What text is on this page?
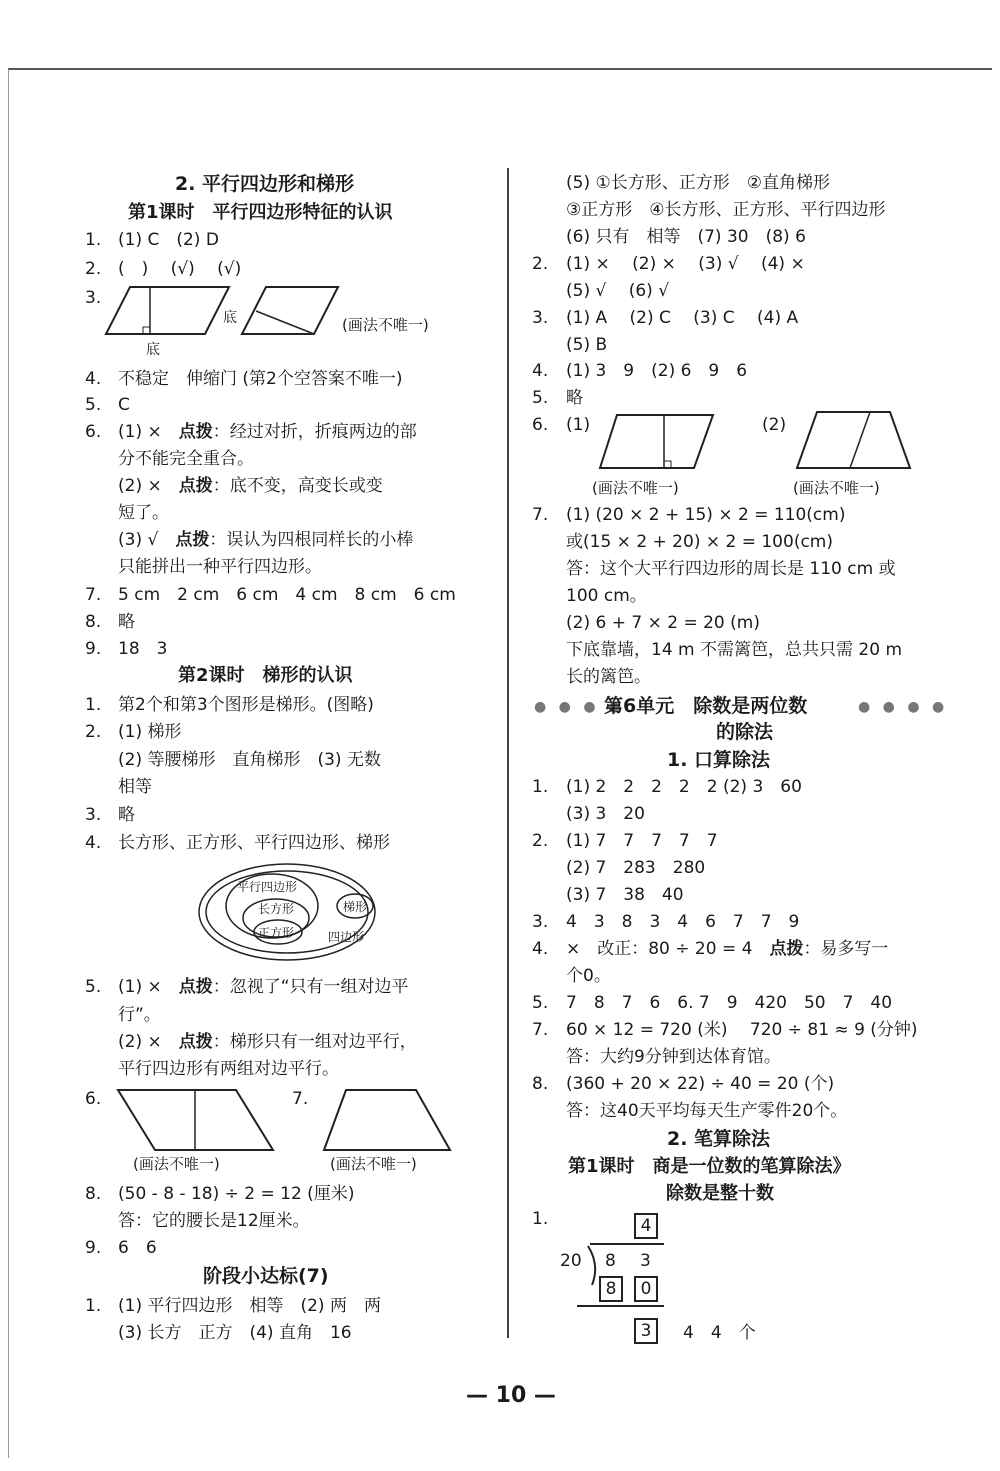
2. 平行四边形和梯形
第1课时　平行四边形特征的认识
1. (1) C　(2) D
2. (　)　 (√)　 (√)
3.
底
底
(画法不唯一)
4. 不稳定　伸缩门 (第2个空答案不唯一)
5. C
6. (1) ×　 点拨：经过对折，折痕两边的部
分不能完全重合。
(2) ×　 点拨：底不变，高变长或变
短了。
(3) √　 点拨：误认为四根同样长的小棒
只能拼出一种平行四边形。
7. 5 cm　2 cm　6 cm　4 cm　8 cm　6 cm
8. 略
9. 18　3
第2课时　梯形的认识
1. 第2个和第3个图形是梯形。(图略)
2. (1) 梯形
(2) 等腰梯形　直角梯形　(3) 无数
相等
3. 略
4. 长方形、正方形、平行四边形、梯形
平行四边形
长方形
正方形
梯形
四边形
5. (1) ×　 点拨：忽视了“只有一组对边平
行”。
(2) ×　 点拨：梯形只有一组对边平行，
平行四边形有两组对边平行。
6.	7.
(画法不唯一)	(画法不唯一)
8. (50 - 8 - 18) ÷ 2 = 12 (厘米)
答：它的腰长是12厘米。
9. 6　6
阶段小达标(7)
1. (1) 平行四边形　相等　(2) 两　两
(3) 长方　正方　(4) 直角　16
(5) ①长方形、正方形　②直角梯形
③正方形　④长方形、正方形、平行四边形
(6) 只有　相等　(7) 30　(8) 6
2. (1) ×　 (2) ×　 (3) √　 (4) ×
(5) √　 (6) √
3. (1) A　 (2) C　 (3) C　 (4) A
(5) B
4. (1) 3　9　(2) 6　9　6
5. 略
6. (1)	(2)
(画法不唯一)	(画法不唯一)
7. (1) (20 × 2 + 15) × 2 = 110(cm)
或(15 × 2 + 20) × 2 = 100(cm)
答：这个大平行四边形的周长是 110 cm 或
100 cm。
(2) 6 + 7 × 2 = 20 (m)
下底靠墙，14 m 不需篱笆，总共只需 20 m
长的篱笆。
● ● ● ●	● ● ● ●
第6单元　除数是两位数
的除法
1. 口算除法
1. (1) 2　2　2　2　2 (2) 3　60
(3) 3　20
2. (1) 7　7　7　7　7
(2) 7　283　280
(3) 7　38　40
3. 4　3　8　3　4　6　7　7　9
4. ×　改正：80 ÷ 20 = 4　 点拨：易多写一
个0。
5. 7　8　7　6　6. 7　9　420　50　7　40
7. 60 × 12 = 720 (米)　 720 ÷ 81 ≈ 9 (分钟)
答：大约9分钟到达体育馆。
8. (360 + 20 × 22) ÷ 40 = 20 (个)
答：这40天平均每天生产零件20个。
2. 笔算除法
第1课时　商是一位数的笔算除法》
除数是整十数
1.	4
20 8 3
8	0
3	4　4　个
— 10 —
